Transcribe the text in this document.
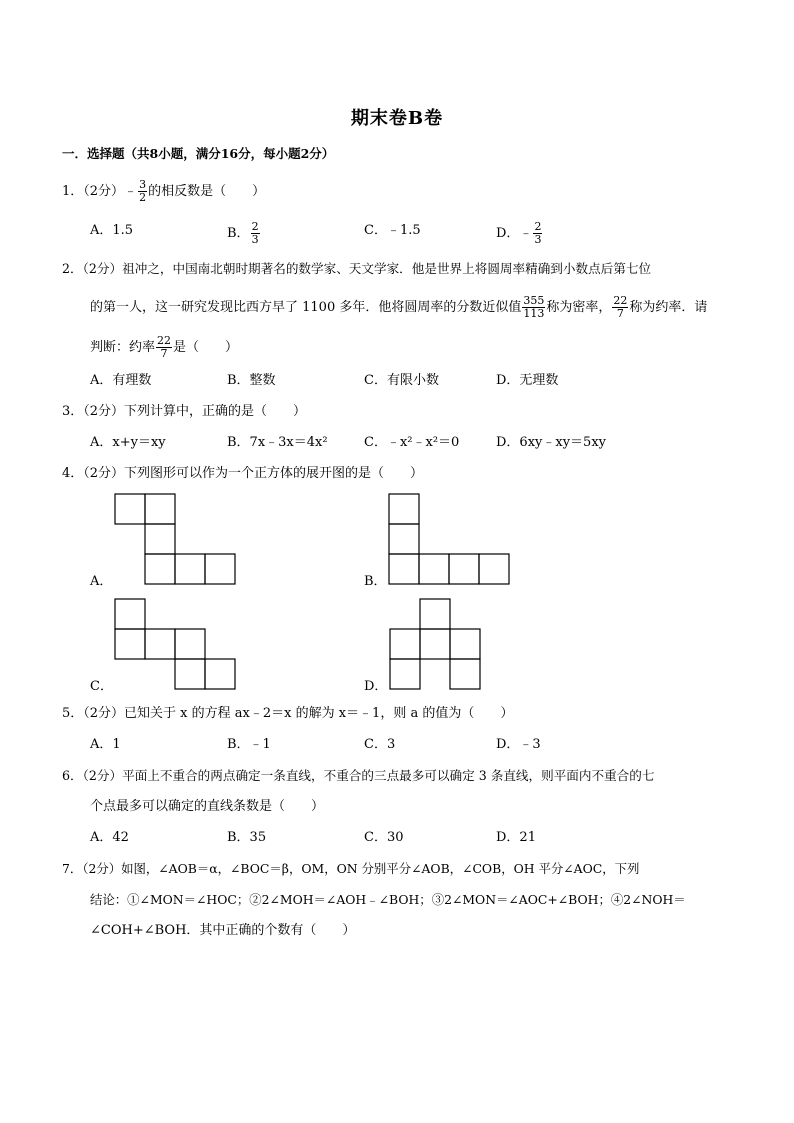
期末卷B卷
一．选择题（共8小题，满分16分，每小题2分）
1．（2分）﹣ $\frac{3}{2}$ 的相反数是（　　）
A．1.5	B． $\frac{2}{3}$	C．﹣1.5	D．﹣ $\frac{2}{3}$
2．（2分）祖冲之，中国南北朝时期著名的数学家、天文学家．他是世界上将圆周率精确到小数点后第七位
的第一人，这一研究发现比西方早了 1100 多年．他将圆周率的分数近似值 $\frac{355}{113}$ 称为密率， $\frac{22}{7}$ 称为约率．请
判断：约率 $\frac{22}{7}$ 是（　　）
A．有理数	B．整数	C．有限小数	D．无理数
3．（2分）下列计算中，正确的是（　　）
A．x+y＝xy	B．7x﹣3x＝4x²	C．﹣x²﹣x²＝0	D．6xy﹣xy＝5xy
4．（2分）下列图形可以作为一个正方体的展开图的是（　　）
A．	B．
C．	D．
5．（2分）已知关于 x 的方程 ax﹣2＝x 的解为 x＝﹣1，则 a 的值为（　　）
A．1	B．﹣1	C．3	D．﹣3
6．（2分）平面上不重合的两点确定一条直线，不重合的三点最多可以确定 3 条直线，则平面内不重合的七
个点最多可以确定的直线条数是（　　）
A．42	B．35	C．30	D．21
7．（2分）如图，∠AOB＝α，∠BOC＝β，OM，ON 分别平分∠AOB，∠COB，OH 平分∠AOC，下列
结论：①∠MON＝∠HOC；②2∠MOH＝∠AOH﹣∠BOH；③2∠MON＝∠AOC+∠BOH；④2∠NOH＝
∠COH+∠BOH．其中正确的个数有（　　）
